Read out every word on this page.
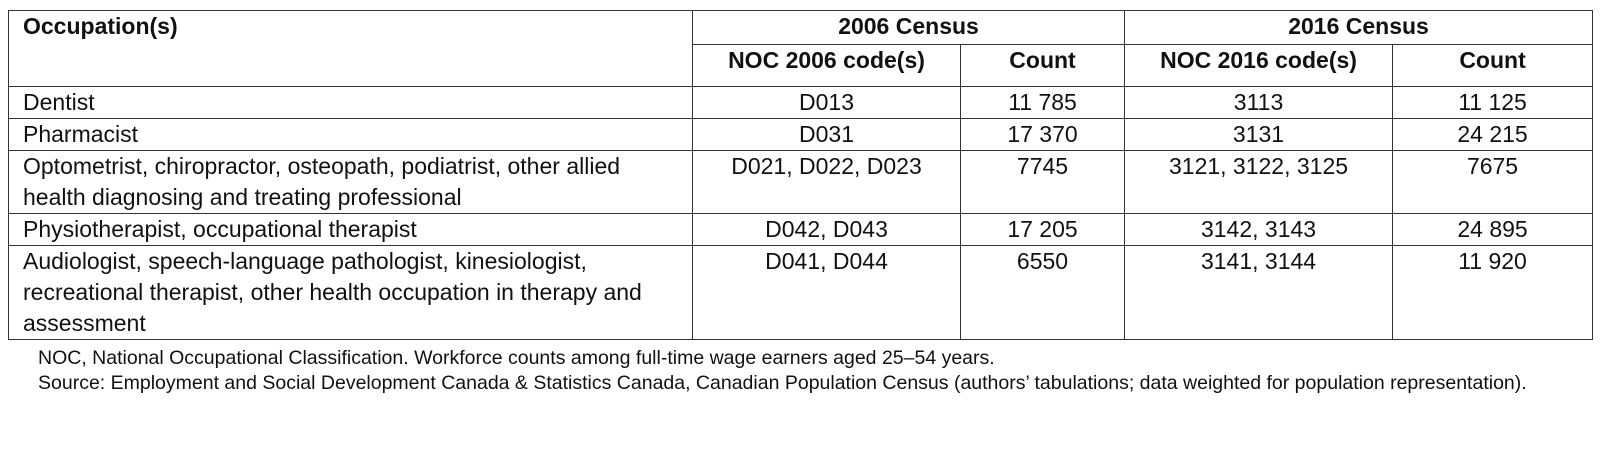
Occupation(s)	2006 Census		2016 Census	
	NOC 2006 code(s)	Count	NOC 2016 code(s)	Count
Dentist	D013	11 785	3113	11 125
Pharmacist	D031	17 370	3131	24 215
Optometrist, chiropractor, osteopath, podiatrist, other allied health diagnosing and treating professional	D021, D022, D023	7745	3121, 3122, 3125	7675
Physiotherapist, occupational therapist	D042, D043	17 205	3142, 3143	24 895
Audiologist, speech-language pathologist, kinesiologist, recreational therapist, other health occupation in therapy and assessment	D041, D044	6550	3141, 3144	11 920
NOC, National Occupational Classification. Workforce counts among full-time wage earners aged 25–54 years.
Source: Employment and Social Development Canada & Statistics Canada, Canadian Population Census (authors’ tabulations; data weighted for population representation).
